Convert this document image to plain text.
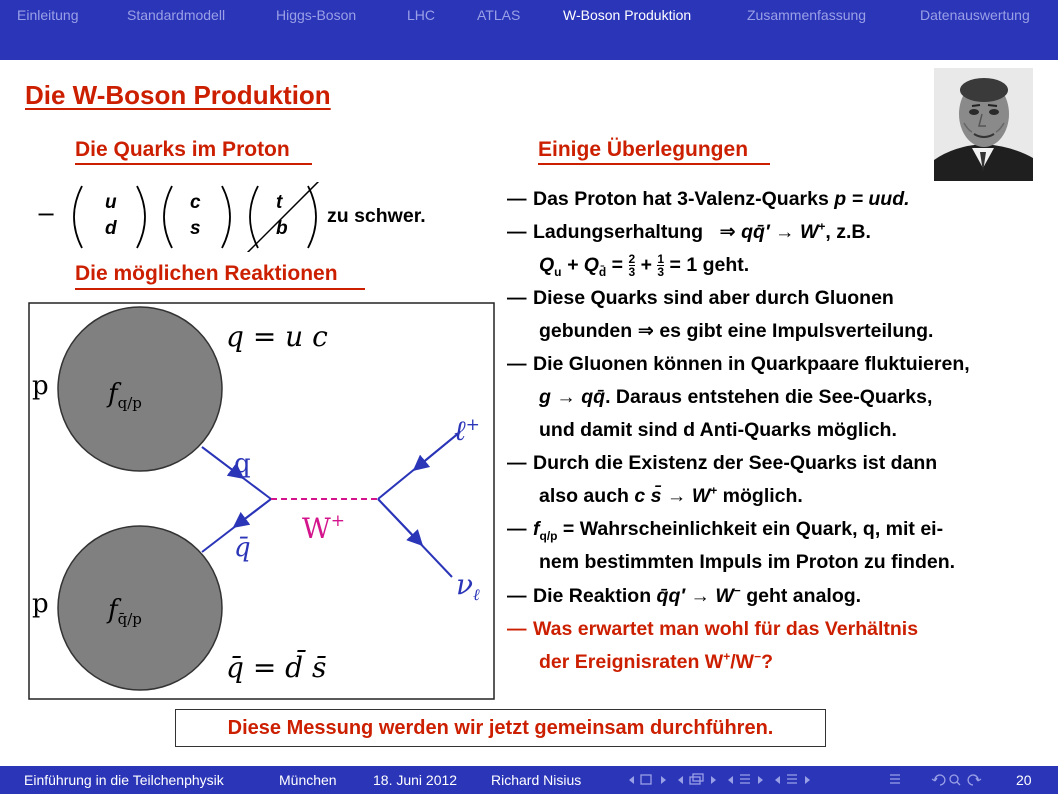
Einleitung	Standardmodell	Higgs-Boson	LHC	ATLAS	W-Boson Produktion	Zusammenfassung	Datenauswertung
Die W-Boson Produktion
Die Quarks im Proton
−	u
d
c
s
t
b
zu schwer.
Die möglichen Reaktionen
q = u c
p $f_{q/p}$
q
q̄
W+
ℓ+
$\nu_\ell$
p $f_{q̄/p}$
q̄ = d̄ s̄
Einige Überlegungen
— Das Proton hat 3-Valenz-Quarks p = uud.
— Ladungserhaltung ⇒ qq̄′ → W+, z.B.
$Q_u + Q_{d̄} = \frac{2}{3} + \frac{1}{3} = 1$ geht.
— Diese Quarks sind aber durch Gluonen
gebunden ⇒ es gibt eine Impulsverteilung.
— Die Gluonen können in Quarkpaare fluktuieren,
g → qq̄. Daraus entstehen die See-Quarks,
und damit sind d Anti-Quarks möglich.
— Durch die Existenz der See-Quarks ist dann
also auch c s̄ → W+ möglich.
— $f_{q/p}$ = Wahrscheinlichkeit ein Quark, q, mit ei-
nem bestimmten Impuls im Proton zu finden.
— Die Reaktion q̄q′ → W− geht analog.
— Was erwartet man wohl für das Verhältnis
der Ereignisraten W+/W−?
Diese Messung werden wir jetzt gemeinsam durchführen.
Einführung in die Teilchenphysik	München	18. Juni 2012 Richard Nisius	20
